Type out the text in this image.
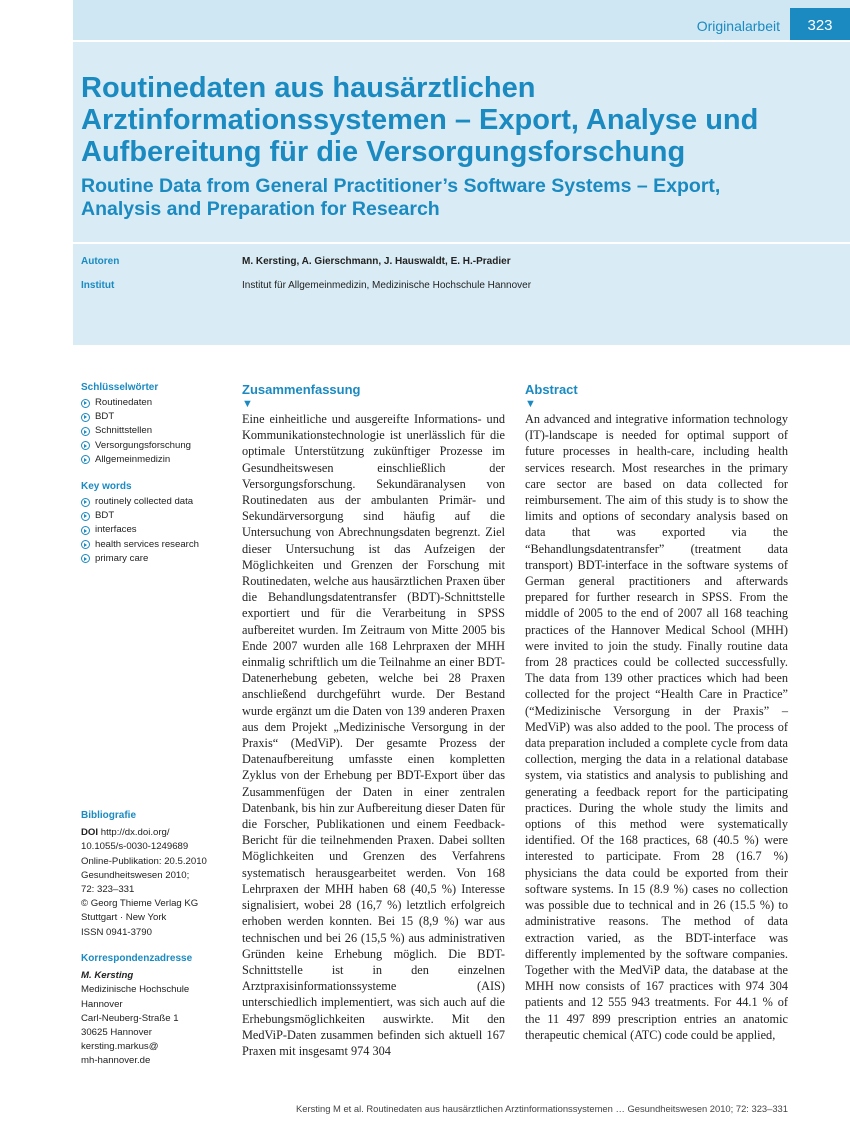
Originalarbeit	323
Routinedaten aus hausärztlichen Arztinformationssystemen – Export, Analyse und Aufbereitung für die Versorgungsforschung
Routine Data from General Practitioner’s Software Systems – Export, Analysis and Preparation for Research
Autoren	M. Kersting, A. Gierschmann, J. Hauswaldt, E. H.-Pradier
Institut	Institut für Allgemeinmedizin, Medizinische Hochschule Hannover
Schlüsselwörter
Routinedaten
BDT
Schnittstellen
Versorgungsforschung
Allgemeinmedizin
Key words
routinely collected data
BDT
interfaces
health services research
primary care
Bibliografie
DOI http://dx.doi.org/
10.1055/s-0030-1249689
Online-Publikation: 20.5.2010
Gesundheitswesen 2010;
72: 323–331
© Georg Thieme Verlag KG
Stuttgart · New York
ISSN 0941-3790
Korrespondenzadresse
M. Kersting
Medizinische Hochschule
Hannover
Carl-Neuberg-Straße 1
30625 Hannover
kersting.markus@
mh-hannover.de
Zusammenfassung
▼

Eine einheitliche und ausgereifte Informations- und Kommunikationstechnologie ist unerlässlich für die optimale Unterstützung zukünftiger Prozesse im Gesundheitswesen einschließlich der Versorgungsforschung. Sekundäranalysen von Routinedaten aus der ambulanten Primär- und Sekundärversorgung sind häufig auf die Untersuchung von Abrechnungsdaten begrenzt. Ziel dieser Untersuchung ist das Aufzeigen der Möglichkeiten und Grenzen der Forschung mit Routinedaten, welche aus hausärztlichen Praxen über die Behandlungsdatentransfer (BDT)-Schnittstelle exportiert und für die Verarbeitung in SPSS aufbereitet wurden. Im Zeitraum von Mitte 2005 bis Ende 2007 wurden alle 168 Lehrpraxen der MHH einmalig schriftlich um die Teilnahme an einer BDT-Datenerhebung gebeten, welche bei 28 Praxen anschließend durchgeführt wurde. Der Bestand wurde ergänzt um die Daten von 139 anderen Praxen aus dem Projekt „Medizinische Versorgung in der Praxis“ (MedViP). Der gesamte Prozess der Datenaufbereitung umfasste einen kompletten Zyklus von der Erhebung per BDT-Export über das Zusammenfügen der Daten in einer zentralen Datenbank, bis hin zur Aufbereitung dieser Daten für die Forscher, Publikationen und einem Feedback-Bericht für die teilnehmenden Praxen. Dabei sollten Möglichkeiten und Grenzen des Verfahrens systematisch herausgearbeitet werden. Von 168 Lehrpraxen der MHH haben 68 (40,5 %) Interesse signalisiert, wobei 28 (16,7 %) letztlich erfolgreich erhoben werden konnten. Bei 15 (8,9 %) war aus technischen und bei 26 (15,5 %) aus administrativen Gründen keine Erhebung möglich. Die BDT-Schnittstelle ist in den einzelnen Arztpraxisinformationssysteme (AIS) unterschiedlich implementiert, was sich auch auf die Erhebungsmöglichkeiten auswirkte. Mit den MedViP-Daten zusammen befinden sich aktuell 167 Praxen mit insgesamt 974 304

Abstract
▼

An advanced and integrative information technology (IT)-landscape is needed for optimal support of future processes in health-care, including health services research. Most researches in the primary care sector are based on data collected for reimbursement. The aim of this study is to show the limits and options of secondary analysis based on data that was exported via the “Behandlungsdatentransfer” (treatment data transport) BDT-interface in the software systems of German general practitioners and afterwards prepared for further research in SPSS. From the middle of 2005 to the end of 2007 all 168 teaching practices of the Hannover Medical School (MHH) were invited to join the study. Finally routine data from 28 practices could be collected successfully. The data from 139 other practices which had been collected for the project “Health Care in Practice” (“Medizinische Versorgung in der Praxis” – MedViP) was also added to the pool. The process of data preparation included a complete cycle from data collection, merging the data in a relational database system, via statistics and analysis to publishing and generating a feedback report for the participating practices. During the whole study the limits and options of this method were systematically identified. Of the 168 practices, 68 (40.5 %) were interested to participate. From 28 (16.7 %) physicians the data could be exported from their software systems. In 15 (8.9 %) cases no collection was possible due to technical and in 26 (15.5 %) to administrative reasons. The method of data extraction varied, as the BDT-interface was differently implemented by the software companies. Together with the MedViP data, the database at the MHH now consists of 167 practices with 974 304 patients and 12 555 943 treatments. For 44.1 % of the 11 497 899 prescription entries an anatomic therapeutic chemical (ATC) code could be applied,

Kersting M et al. Routinedaten aus hausärztlichen Arztinformationssystemen … Gesundheitswesen 2010; 72: 323–331
